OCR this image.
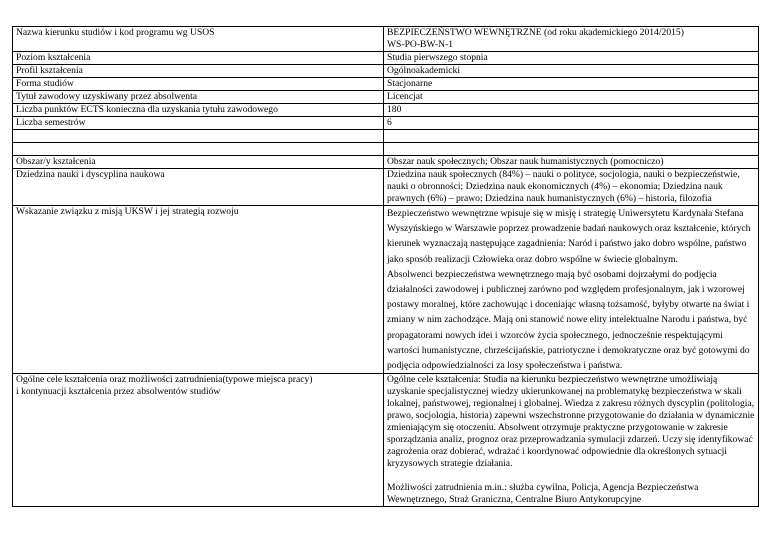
Nazwa kierunku studiów i kod programu wg USOS	BEZPIECZEŃSTWO WEWNĘTRZNE (od roku akademickiego 2014/2015)
WS-PO-BW-N-1

Poziom kształcenia	Studia pierwszego stopnia
Profil kształcenia	Ogólnoakademicki
Forma studiów	Stacjonarne
Tytuł zawodowy uzyskiwany przez absolwenta	Licencjat
Liczba punktów ECTS konieczna dla uzyskania tytułu zawodowego	180
Liczba semestrów	6

Obszar/y kształcenia	Obszar nauk społecznych; Obszar nauk humanistycznych (pomocniczo)
Dziedzina nauki i dyscyplina naukowa	Dziedzina nauk społecznych (84%) – nauki o polityce, socjologia, nauki o bezpieczeństwie, nauki o obronności; Dziedzina nauk ekonomicznych (4%) – ekonomia; Dziedzina nauk prawnych (6%) – prawo; Dziedzina nauk humanistycznych (6%) – historia, filozofia
Wskazanie związku z misją UKSW i jej strategią rozwoju	Bezpieczeństwo wewnętrzne wpisuje się w misję i strategię Uniwersytetu Kardynała Stefana Wyszyńskiego w Warszawie poprzez prowadzenie badań naukowych oraz kształcenie, których kierunek wyznaczają następujące zagadnienia: Naród i państwo jako dobro wspólne, państwo jako sposób realizacji Człowieka oraz dobro wspólne w świecie globalnym.
Absolwenci bezpieczeństwa wewnętrznego mają być osobami dojrzałymi do podjęcia działalności zawodowej i publicznej zarówno pod względem profesjonalnym, jak i wzorowej postawy moralnej, które zachowując i doceniając własną tożsamość, byłyby otwarte na świat i zmiany w nim zachodzące. Mają oni stanowić nowe elity intelektualne Narodu i państwa, być propagatorami nowych idei i wzorców życia społecznego, jednocześnie respektującymi wartości humanistyczne, chrześcijańskie, patriotyczne i demokratyczne oraz być gotowymi do podjęcia odpowiedzialności za losy społeczeństwa i państwa.

Ogólne cele kształcenia oraz możliwości zatrudnienia(typowe miejsca pracy)
i kontynuacji kształcenia przez absolwentów studiów	Ogólne cele kształcenia: Studia na kierunku bezpieczeństwo wewnętrzne umożliwiają uzyskanie specjalistycznej wiedzy ukierunkowanej na problematykę bezpieczeństwa w skali lokalnej, państwowej, regionalnej i globalnej. Wiedza z zakresu różnych dyscyplin (politologia, prawo, socjologia, historia) zapewni wszechstronne przygotowanie do działania w dynamicznie zmieniającym się otoczeniu. Absolwent otrzymuje praktyczne przygotowanie w zakresie sporządzania analiz, prognoz oraz przeprowadzania symulacji zdarzeń. Uczy się identyfikować zagrożenia oraz dobierać, wdrażać i koordynować odpowiednie dla określonych sytuacji kryzysowych strategie działania.
Możliwości zatrudnienia m.in.: służba cywilna, Policja, Agencja Bezpieczeństwa Wewnętrznego, Straż Graniczna, Centralne Biuro Antykorupcyjne
